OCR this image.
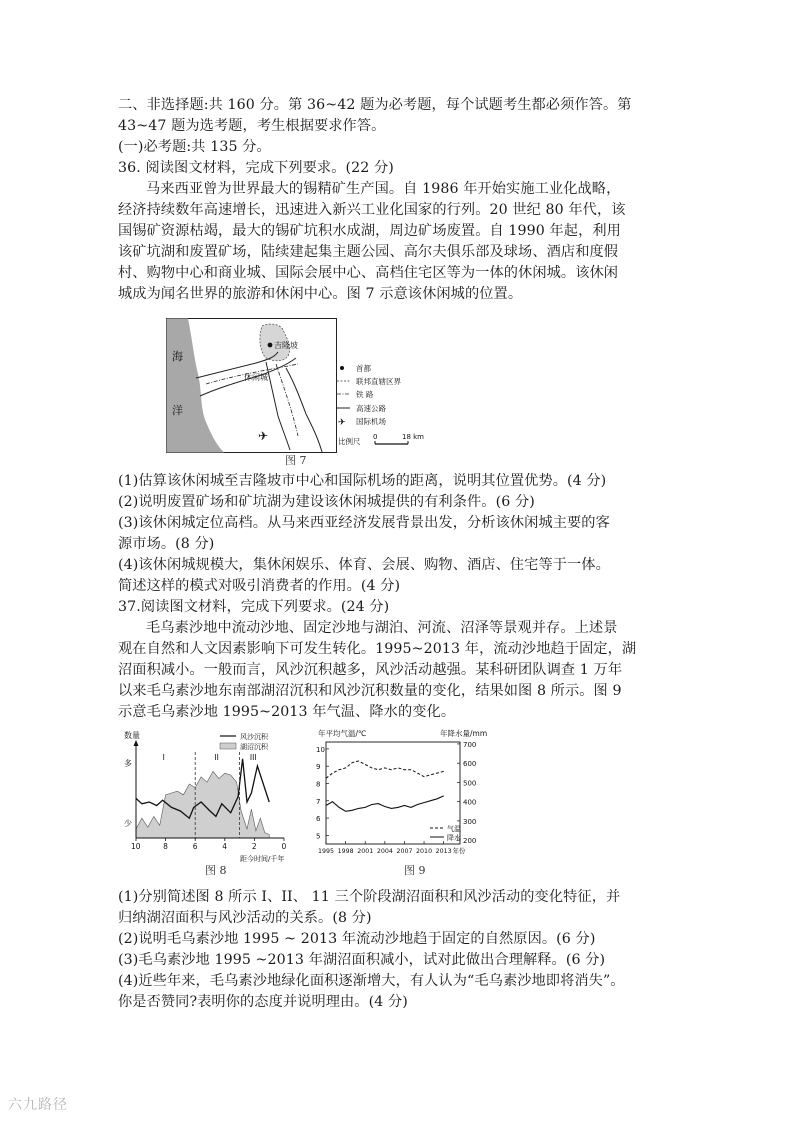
二、非选择题:共 160 分。第 36~42 题为必考题，每个试题考生都必须作答。第
43~47 题为选考题，考生根据要求作答。
(一)必考题:共 135 分。
36. 阅读图文材料，完成下列要求。(22 分)
马来西亚曾为世界最大的锡精矿生产国。自 1986 年开始实施工业化战略，
经济持续数年高速增长，迅速进入新兴工业化国家的行列。20 世纪 80 年代，该
国锡矿资源枯竭，最大的锡矿坑积水成湖，周边矿场废置。自 1990 年起，利用
该矿坑湖和废置矿场，陆续建起集主题公园、高尔夫俱乐部及球场、酒店和度假
村、购物中心和商业城、国际会展中心、高档住宅区等为一体的休闲城。该休闲
城成为闻名世界的旅游和休闲中心。图 7 示意该休闲城的位置。
海
洋
吉隆坡
休闲城
✈
首都
联邦直辖区界
铁 路
高速公路
✈ 国际机场
比例尺 0	18 km
图 7
(1)估算该休闲城至吉隆坡市中心和国际机场的距离，说明其位置优势。(4 分)
(2)说明废置矿场和矿坑湖为建设该休闲城提供的有利条件。(6 分)
(3)该休闲城定位高档。从马来西亚经济发展背景出发，分析该休闲城主要的客
源市场。(8 分)
(4)该休闲城规模大，集休闲娱乐、体育、会展、购物、酒店、住宅等于一体。
简述这样的模式对吸引消费者的作用。(4 分)
37.阅读图文材料，完成下列要求。(24 分)
毛乌素沙地中流动沙地、固定沙地与湖泊、河流、沼泽等景观并存。上述景
观在自然和人文因素影响下可发生转化。1995~2013 年，流动沙地趋于固定，湖
沼面积减小。一般而言，风沙沉积越多，风沙活动越强。某科研团队调查 1 万年
以来毛乌素沙地东南部湖沼沉积和风沙沉积数量的变化，结果如图 8 所示。图 9
示意毛乌素沙地 1995~2013 年气温、降水的变化。
数量
多
少
风沙沉积
湖沼沉积
I	II	III
10	8	6	4	2	0
距今时间/千年
图 8
年平均气温/℃	年降水量/mm
5
6
7
8
9
10
200
300
400
500
600
700
1995 1998 2001 2004 2007 2010 2013 年份
气温
降水
图 9
(1)分别简述图 8 所示 I、II、 11 三个阶段湖沼面积和风沙活动的变化特征，并
归纳湖沼面积与风沙活动的关系。(8 分)
(2)说明毛乌素沙地 1995 ~ 2013 年流动沙地趋于固定的自然原因。(6 分)
(3)毛乌素沙地 1995 ~2013 年湖沼面积减小，试对此做出合理解释。(6 分)
(4)近些年来，毛乌素沙地绿化面积逐渐增大，有人认为“毛乌素沙地即将消失”。
你是否赞同?表明你的态度并说明理由。(4 分)
六九路径
